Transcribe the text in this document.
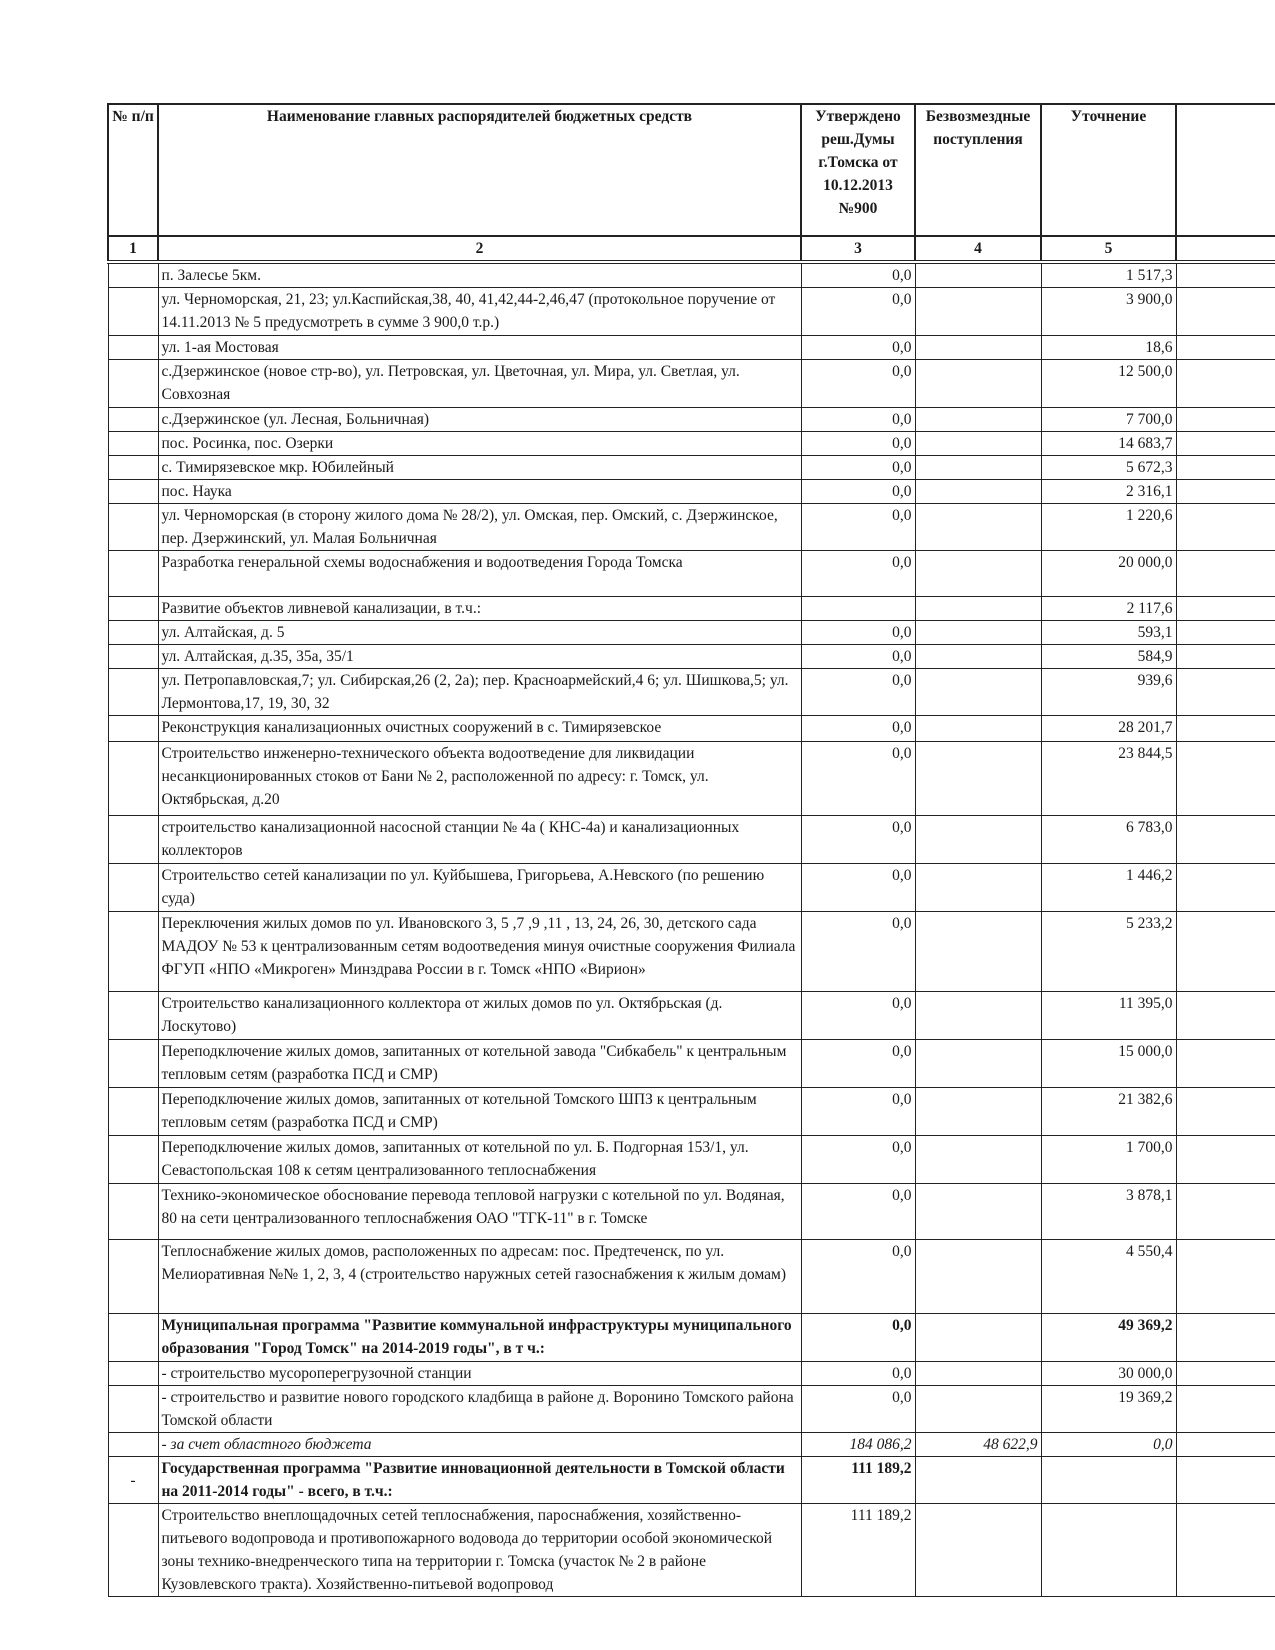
№ п/п	Наименование главных распорядителей бюджетных средств	Утверждено реш.Думы г.Томска от 10.12.2013 №900	Безвозмездные поступления	Уточнение	
1	2	3	4	5	
	п. Залесье 5км.	0,0		1 517,3	
	ул. Черноморская, 21, 23; ул.Каспийская,38, 40, 41,42,44-2,46,47 (протокольное поручение от 14.11.2013 № 5 предусмотреть в сумме 3 900,0 т.р.)	0,0		3 900,0	
	ул. 1-ая Мостовая	0,0		18,6	
	с.Дзержинское (новое стр-во), ул. Петровская, ул. Цветочная, ул. Мира, ул. Светлая, ул. Совхозная	0,0		12 500,0	
	с.Дзержинское (ул. Лесная, Больничная)	0,0		7 700,0	
	пос. Росинка, пос. Озерки	0,0		14 683,7	
	с. Тимирязевское мкр. Юбилейный	0,0		5 672,3	
	пос. Наука	0,0		2 316,1	
	ул. Черноморская (в сторону жилого дома № 28/2), ул. Омская, пер. Омский, с. Дзержинское, пер. Дзержинский, ул. Малая Больничная	0,0		1 220,6	
	Разработка генеральной схемы водоснабжения и водоотведения Города Томска	0,0		20 000,0	
	Развитие объектов ливневой канализации, в т.ч.:			2 117,6	
	ул. Алтайская, д. 5	0,0		593,1	
	ул. Алтайская, д.35, 35а, 35/1	0,0		584,9	
	ул. Петропавловская,7; ул. Сибирская,26 (2, 2а); пер. Красноармейский,4 6; ул. Шишкова,5; ул. Лермонтова,17, 19, 30, 32	0,0		939,6	
	Реконструкция канализационных очистных сооружений в с. Тимирязевское	0,0		28 201,7	
	Строительство инженерно-технического объекта водоотведение для ликвидации несанкционированных стоков от Бани № 2, расположенной по адресу: г. Томск, ул. Октябрьская, д.20	0,0		23 844,5	
	строительство канализационной насосной станции № 4а ( КНС-4а) и канализационных коллекторов	0,0		6 783,0	
	Строительство сетей канализации по ул. Куйбышева, Григорьева, А.Невского (по решению суда)	0,0		1 446,2	
	Переключения жилых домов по ул. Ивановского 3, 5 ,7 ,9 ,11 , 13, 24, 26, 30, детского сада МАДОУ № 53 к централизованным сетям водоотведения минуя очистные сооружения Филиала ФГУП «НПО «Микроген» Минздрава России в г. Томск «НПО «Вирион»	0,0		5 233,2	
	Строительство канализационного коллектора от жилых домов по ул. Октябрьская (д. Лоскутово)	0,0		11 395,0	
	Переподключение жилых домов, запитанных от котельной завода "Сибкабель" к центральным тепловым сетям (разработка ПСД и СМР)	0,0		15 000,0	
	Переподключение жилых домов, запитанных от котельной Томского ШПЗ к центральным тепловым сетям (разработка ПСД и СМР)	0,0		21 382,6	
	Переподключение жилых домов, запитанных от котельной по ул. Б. Подгорная 153/1, ул. Севастопольская 108 к сетям централизованного теплоснабжения	0,0		1 700,0	
	Технико-экономическое обоснование перевода тепловой нагрузки с котельной по ул. Водяная, 80 на сети централизованного теплоснабжения ОАО "ТГК-11" в г. Томске	0,0		3 878,1	
	Теплоснабжение жилых домов, расположенных по адресам: пос. Предтеченск, по ул. Мелиоративная №№ 1, 2, 3, 4 (строительство наружных сетей газоснабжения к жилым домам)	0,0		4 550,4	
	Муниципальная программа "Развитие коммунальной инфраструктуры муниципального образования "Город Томск" на 2014-2019 годы", в т ч.:	0,0		49 369,2	
	- строительство мусороперегрузочной станции	0,0		30 000,0	
	- строительство и развитие нового городского кладбища в районе д. Воронино Томского района Томской области	0,0		19 369,2	
	- за счет областного бюджета	184 086,2	48 622,9	0,0	
-	Государственная программа "Развитие инновационной деятельности в Томской области на 2011-2014 годы" - всего, в т.ч.:	111 189,2			
	Строительство внеплощадочных сетей теплоснабжения, пароснабжения, хозяйственно-питьевого водопровода и противопожарного водовода до территории особой экономической зоны технико-внедренческого типа на территории г. Томска (участок № 2 в районе Кузовлевского тракта). Хозяйственно-питьевой водопровод	111 189,2			
